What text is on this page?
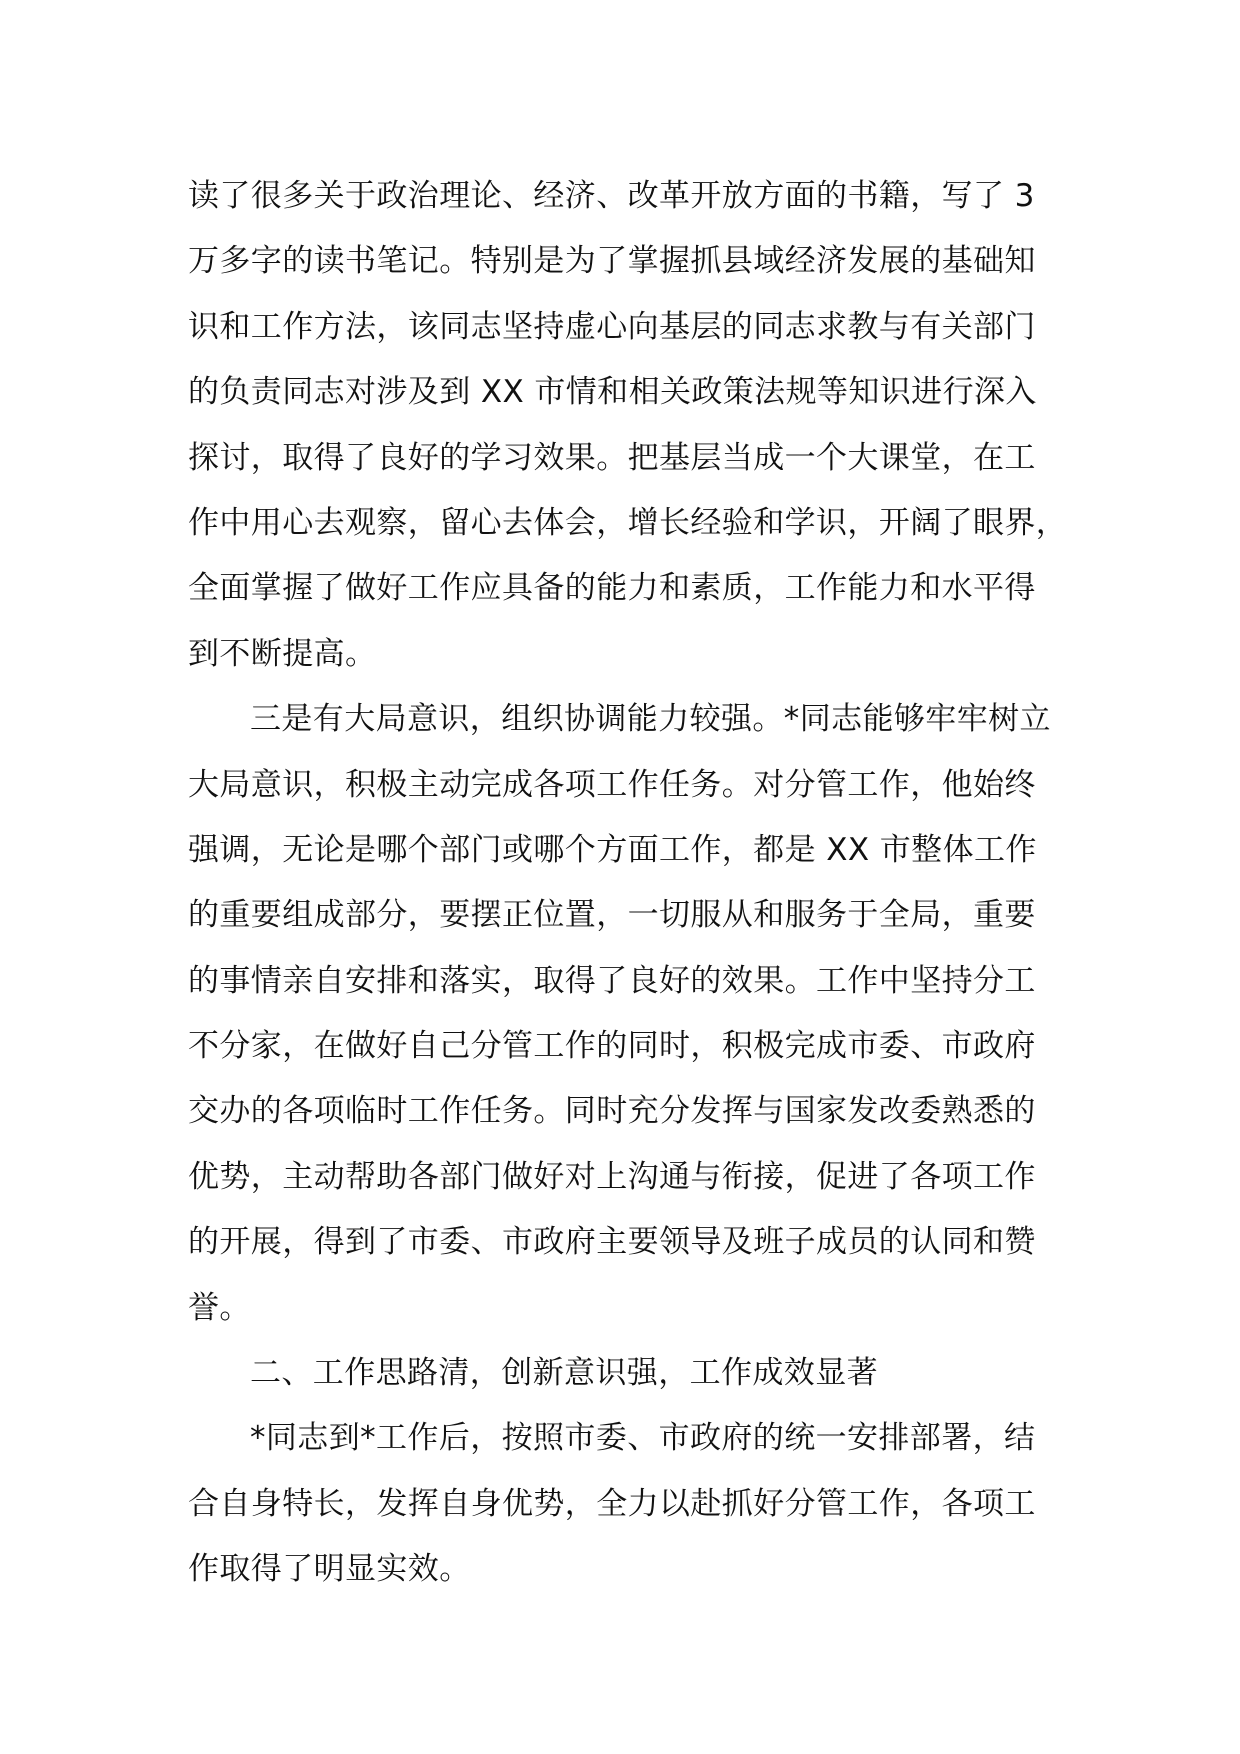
读了很多关于政治理论、经济、改革开放方面的书籍，写了 3
万多字的读书笔记。特别是为了掌握抓县域经济发展的基础知
识和工作方法，该同志坚持虚心向基层的同志求教与有关部门
的负责同志对涉及到 XX 市情和相关政策法规等知识进行深入
探讨，取得了良好的学习效果。把基层当成一个大课堂，在工
作中用心去观察，留心去体会，增长经验和学识，开阔了眼界，
全面掌握了做好工作应具备的能力和素质，工作能力和水平得
到不断提高。
三是有大局意识，组织协调能力较强。*同志能够牢牢树立
大局意识，积极主动完成各项工作任务。对分管工作，他始终
强调，无论是哪个部门或哪个方面工作，都是 XX 市整体工作
的重要组成部分，要摆正位置，一切服从和服务于全局，重要
的事情亲自安排和落实，取得了良好的效果。工作中坚持分工
不分家，在做好自己分管工作的同时，积极完成市委、市政府
交办的各项临时工作任务。同时充分发挥与国家发改委熟悉的
优势，主动帮助各部门做好对上沟通与衔接，促进了各项工作
的开展，得到了市委、市政府主要领导及班子成员的认同和赞
誉。
二、工作思路清，创新意识强，工作成效显著
*同志到*工作后，按照市委、市政府的统一安排部署，结
合自身特长，发挥自身优势，全力以赴抓好分管工作，各项工
作取得了明显实效。
